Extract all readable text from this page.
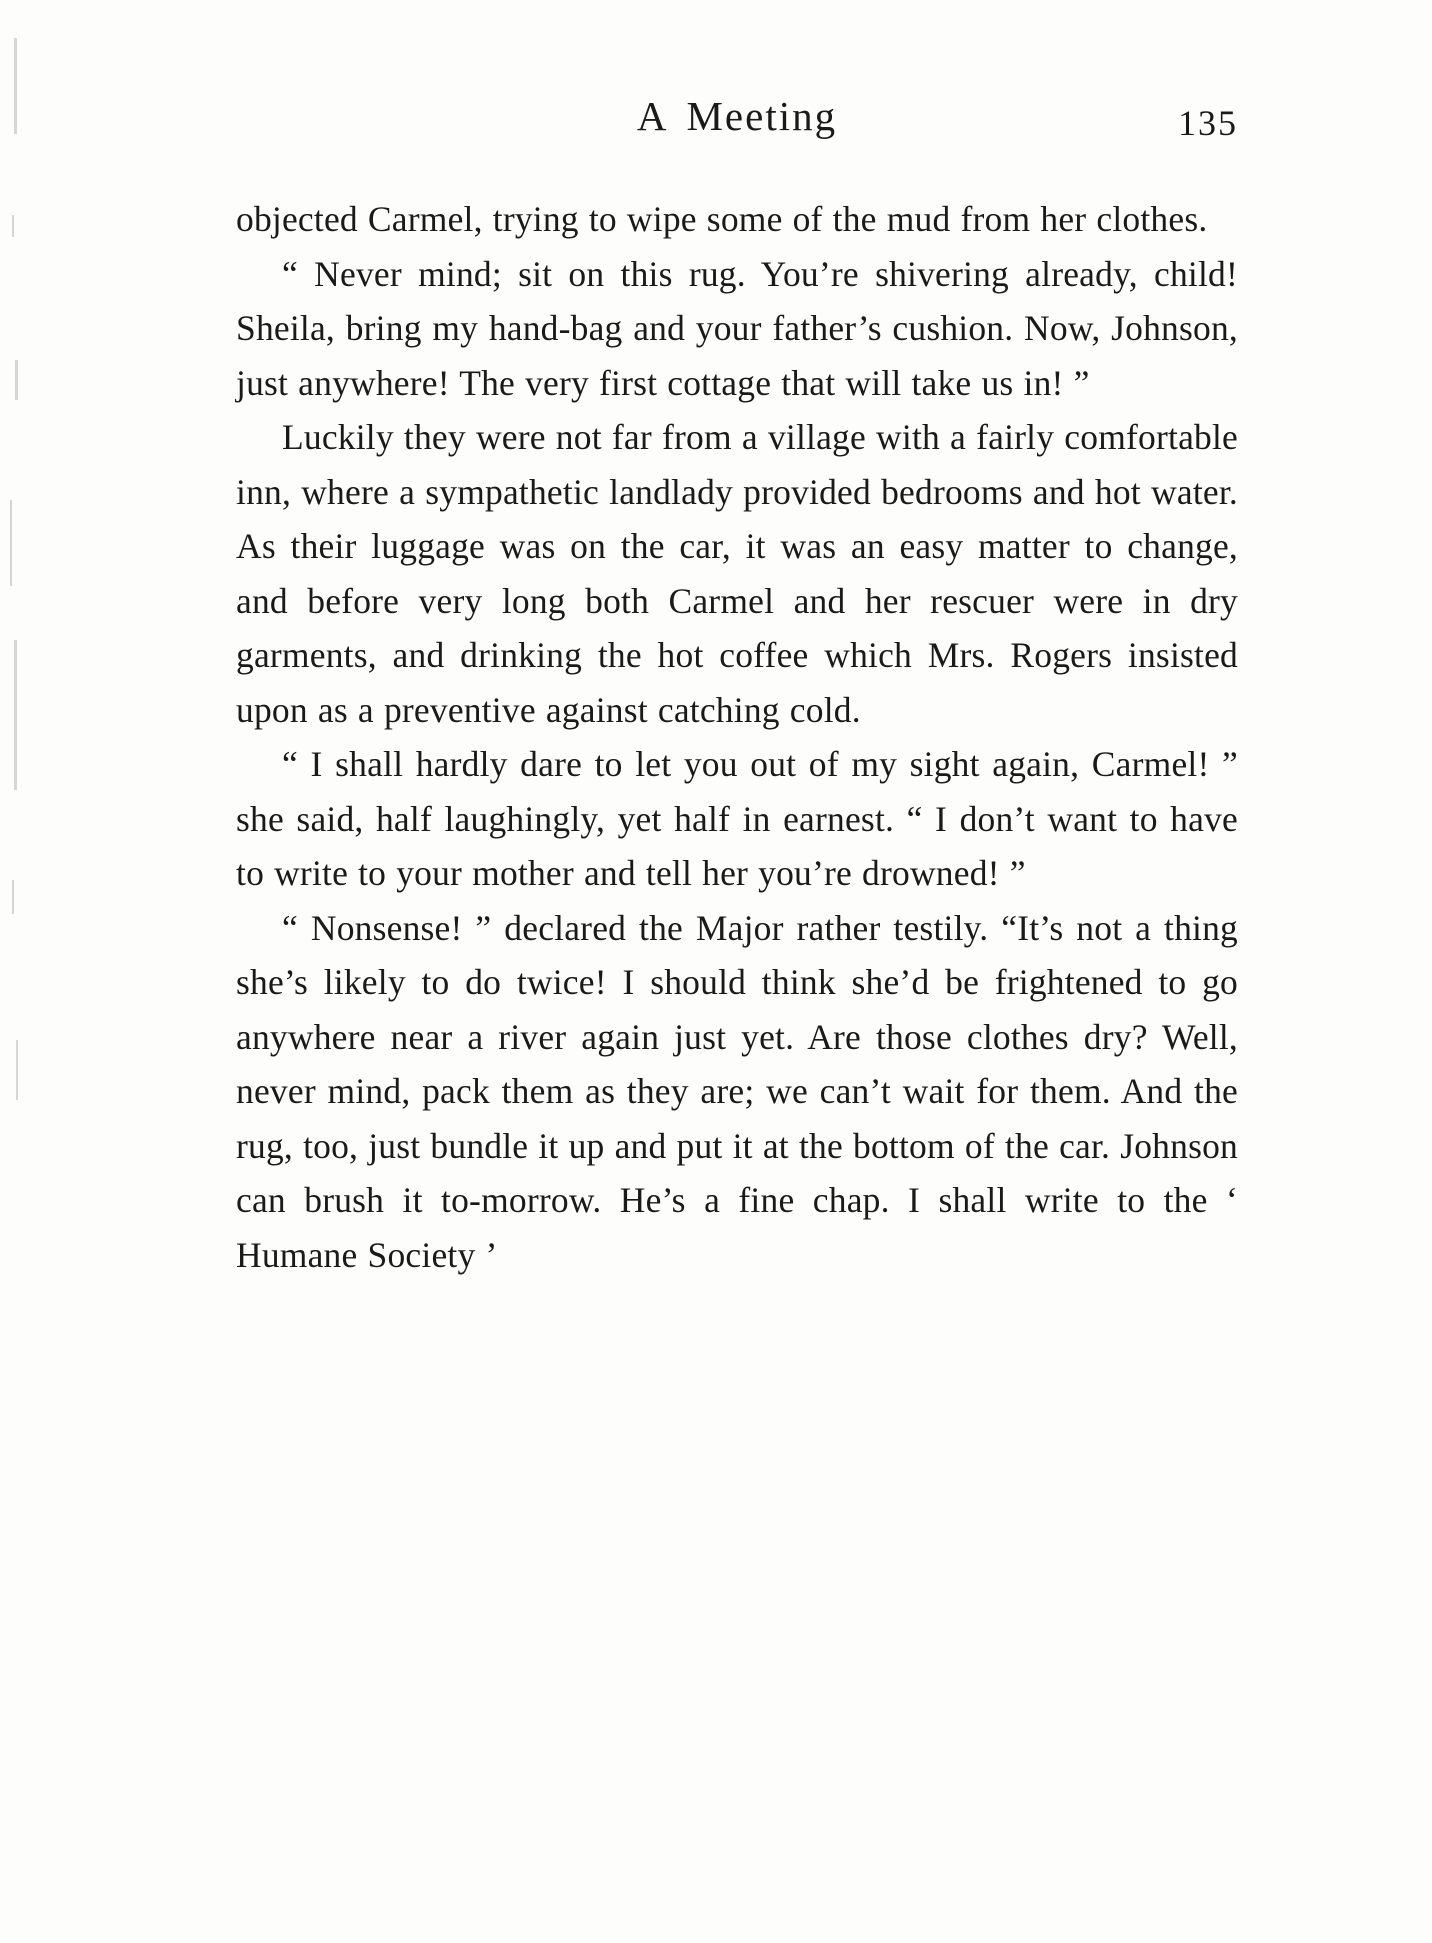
A Meeting	135

objected Carmel, trying to wipe some of the mud from her clothes.

“ Never mind; sit on this rug. You’re shivering already, child! Sheila, bring my hand-bag and your father’s cushion. Now, Johnson, just anywhere! The very first cottage that will take us in! ”

Luckily they were not far from a village with a fairly comfortable inn, where a sympathetic landlady provided bedrooms and hot water. As their luggage was on the car, it was an easy matter to change, and before very long both Carmel and her rescuer were in dry garments, and drinking the hot coffee which Mrs. Rogers insisted upon as a preventive against catching cold.

“ I shall hardly dare to let you out of my sight again, Carmel! ” she said, half laughingly, yet half in earnest. “ I don’t want to have to write to your mother and tell her you’re drowned! ”

“ Nonsense! ” declared the Major rather testily. “It’s not a thing she’s likely to do twice! I should think she’d be frightened to go anywhere near a river again just yet. Are those clothes dry? Well, never mind, pack them as they are; we can’t wait for them. And the rug, too, just bundle it up and put it at the bottom of the car. Johnson can brush it to-morrow. He’s a fine chap. I shall write to the ‘ Humane Society ’
